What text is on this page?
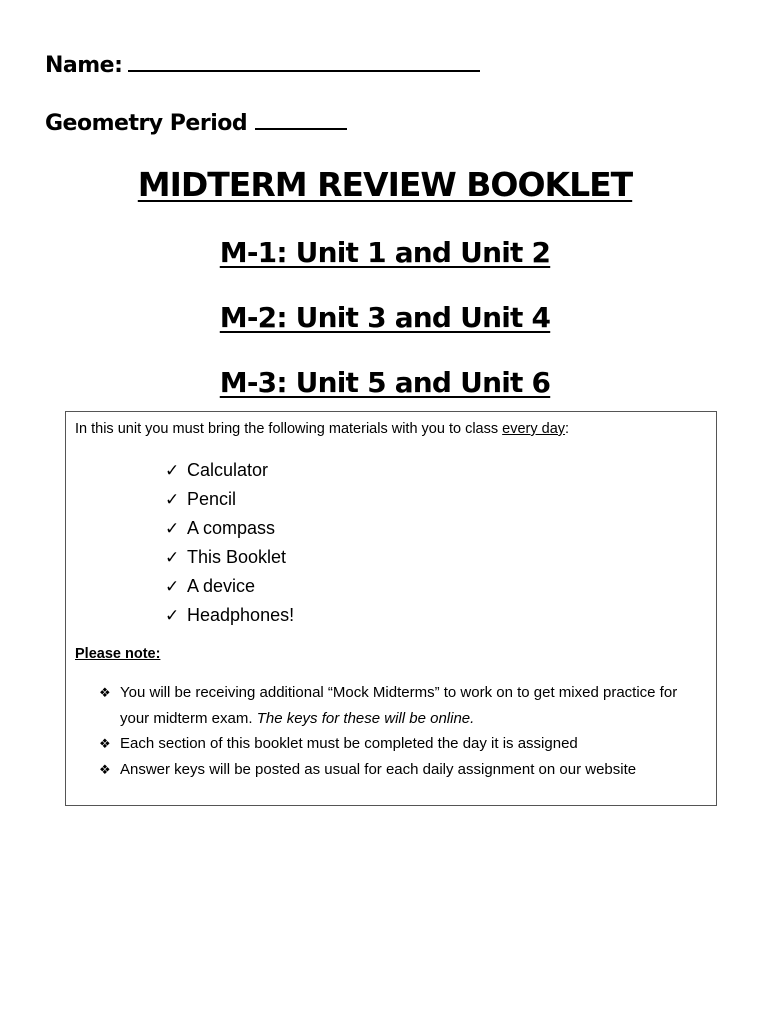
Name:
Geometry Period
MIDTERM REVIEW BOOKLET
M-1: Unit 1 and Unit 2
M-2: Unit 3 and Unit 4
M-3: Unit 5 and Unit 6
In this unit you must bring the following materials with you to class every day:
✓ Calculator
✓ Pencil
✓ A compass
✓ This Booklet
✓ A device
✓ Headphones!
Please note:
❖ You will be receiving additional “Mock Midterms” to work on to get mixed practice for your midterm exam. The keys for these will be online.
❖ Each section of this booklet must be completed the day it is assigned
❖ Answer keys will be posted as usual for each daily assignment on our website
